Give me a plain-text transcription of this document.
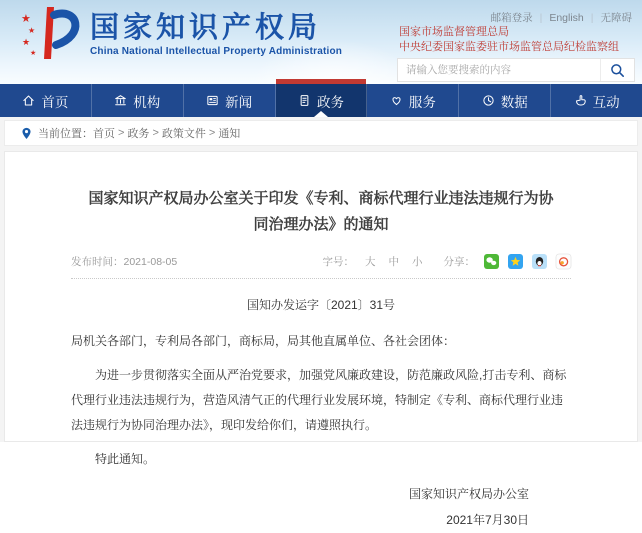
★
★
★
★
国家知识产权局
China National Intellectual Property Administration
邮箱登录 | English | 无障碍
国家市场监督管理总局
中央纪委国家监委驻市场监管总局纪检监察组
请输入您要搜索的内容
首页	机构	新闻	政务	服务	数据	互动
当前位置： 首页 > 政务 > 政策文件 > 通知
国家知识产权局办公室关于印发《专利、商标代理行业违法违规行为协同治理办法》的通知
发布时间：2021-08-05	字号： 大 中 小 分享：
国知办发运字〔2021〕31号

局机关各部门，专利局各部门，商标局，局其他直属单位、各社会团体：

为进一步贯彻落实全面从严治党要求，加强党风廉政建设，防范廉政风险,打击专利、商标代理行业违法违规行为，营造风清气正的代理行业发展环境，特制定《专利、商标代理行业违法违规行为协同治理办法》，现印发给你们，请遵照执行。

特此通知。

国家知识产权局办公室
2021年7月30日
